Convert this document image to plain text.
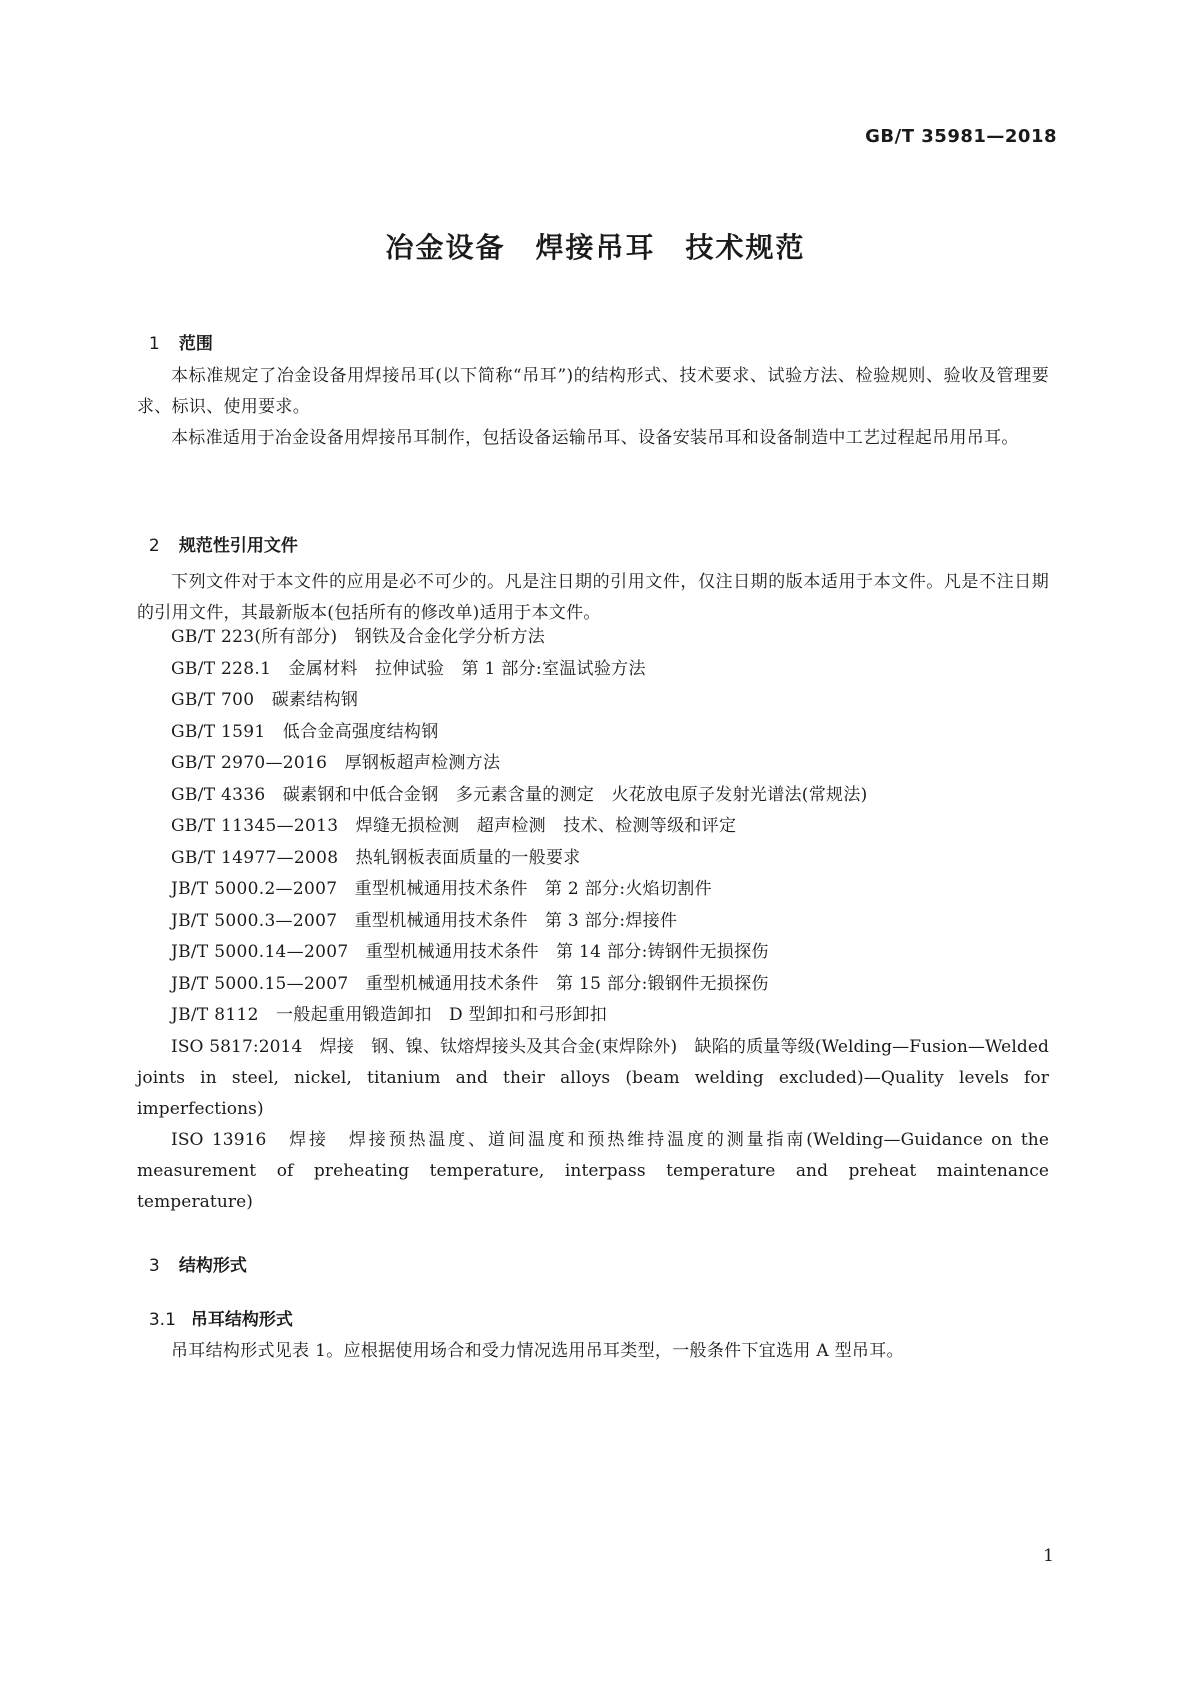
GB/T 35981—2018
冶金设备　焊接吊耳　技术规范

1 范围

本标准规定了冶金设备用焊接吊耳(以下简称“吊耳”)的结构形式、技术要求、试验方法、检验规则、验收及管理要求、标识、使用要求。
本标准适用于冶金设备用焊接吊耳制作，包括设备运输吊耳、设备安装吊耳和设备制造中工艺过程起吊用吊耳。

2 规范性引用文件

下列文件对于本文件的应用是必不可少的。凡是注日期的引用文件，仅注日期的版本适用于本文件。凡是不注日期的引用文件，其最新版本(包括所有的修改单)适用于本文件。
GB/T 223(所有部分)　钢铁及合金化学分析方法
GB/T 228.1　金属材料　拉伸试验　第 1 部分:室温试验方法
GB/T 700　碳素结构钢
GB/T 1591　低合金高强度结构钢
GB/T 2970—2016　厚钢板超声检测方法
GB/T 4336　碳素钢和中低合金钢　多元素含量的测定　火花放电原子发射光谱法(常规法)
GB/T 11345—2013　焊缝无损检测　超声检测　技术、检测等级和评定
GB/T 14977—2008　热轧钢板表面质量的一般要求
JB/T 5000.2—2007　重型机械通用技术条件　第 2 部分:火焰切割件
JB/T 5000.3—2007　重型机械通用技术条件　第 3 部分:焊接件
JB/T 5000.14—2007　重型机械通用技术条件　第 14 部分:铸钢件无损探伤
JB/T 5000.15—2007　重型机械通用技术条件　第 15 部分:锻钢件无损探伤
JB/T 8112　一般起重用锻造卸扣　D 型卸扣和弓形卸扣
ISO 5817:2014　焊接　钢、镍、钛熔焊接头及其合金(束焊除外)　缺陷的质量等级(Welding—Fusion—Welded joints in steel, nickel, titanium and their alloys (beam welding excluded)—Quality levels for imperfections)
ISO 13916　焊接　焊接预热温度、道间温度和预热维持温度的测量指南(Welding—Guidance on the measurement of preheating temperature, interpass temperature and preheat maintenance temperature)

3 结构形式

3.1 吊耳结构形式

吊耳结构形式见表 1。应根据使用场合和受力情况选用吊耳类型，一般条件下宜选用 A 型吊耳。
1
